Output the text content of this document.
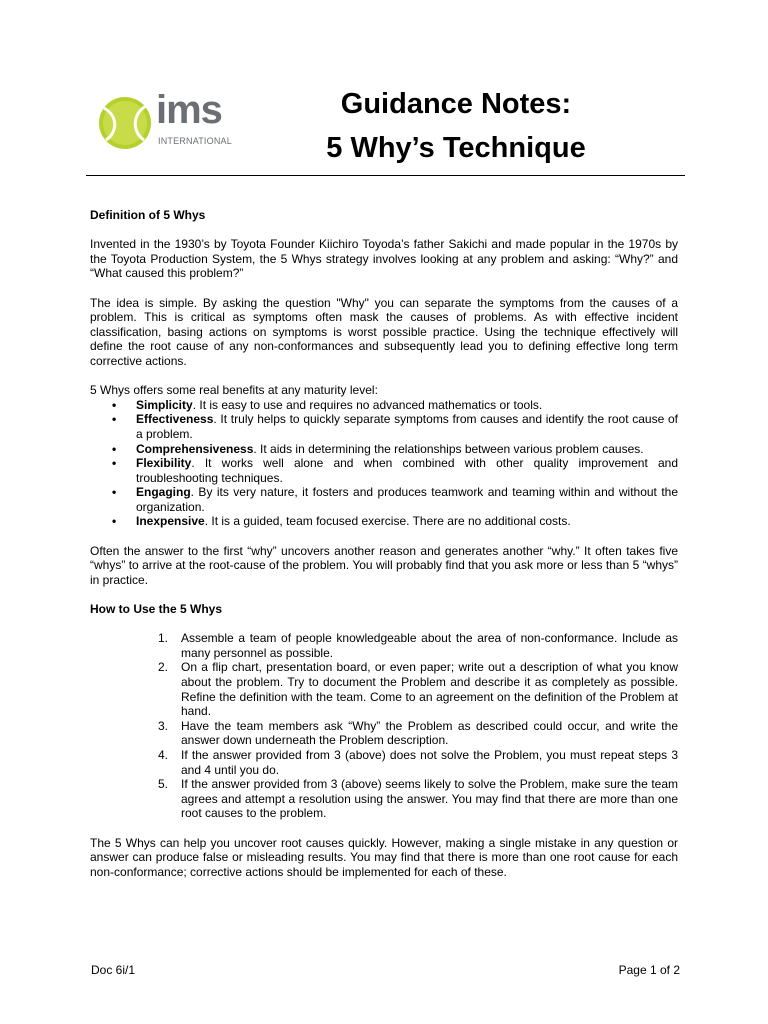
ims
INTERNATIONAL
Guidance Notes:
5 Why’s Technique

Definition of 5 Whys

Invented in the 1930’s by Toyota Founder Kiichiro Toyoda’s father Sakichi and made popular in the 1970s by the Toyota Production System, the 5 Whys strategy involves looking at any problem and asking: “Why?” and “What caused this problem?”

The idea is simple. By asking the question "Why" you can separate the symptoms from the causes of a problem. This is critical as symptoms often mask the causes of problems. As with effective incident classification, basing actions on symptoms is worst possible practice. Using the technique effectively will define the root cause of any non-conformances and subsequently lead you to defining effective long term corrective actions.

5 Whys offers some real benefits at any maturity level:

• Simplicity. It is easy to use and requires no advanced mathematics or tools.
• Effectiveness. It truly helps to quickly separate symptoms from causes and identify the root cause of a problem.
• Comprehensiveness. It aids in determining the relationships between various problem causes.
• Flexibility. It works well alone and when combined with other quality improvement and troubleshooting techniques.
• Engaging. By its very nature, it fosters and produces teamwork and teaming within and without the organization.
• Inexpensive. It is a guided, team focused exercise. There are no additional costs.

Often the answer to the first “why” uncovers another reason and generates another “why.” It often takes five “whys” to arrive at the root-cause of the problem. You will probably find that you ask more or less than 5 “whys” in practice.

How to Use the 5 Whys

1. Assemble a team of people knowledgeable about the area of non-conformance. Include as many personnel as possible.
2. On a flip chart, presentation board, or even paper; write out a description of what you know about the problem. Try to document the Problem and describe it as completely as possible. Refine the definition with the team. Come to an agreement on the definition of the Problem at hand.
3. Have the team members ask “Why” the Problem as described could occur, and write the answer down underneath the Problem description.
4. If the answer provided from 3 (above) does not solve the Problem, you must repeat steps 3 and 4 until you do.
5. If the answer provided from 3 (above) seems likely to solve the Problem, make sure the team agrees and attempt a resolution using the answer. You may find that there are more than one root causes to the problem.

The 5 Whys can help you uncover root causes quickly. However, making a single mistake in any question or answer can produce false or misleading results. You may find that there is more than one root cause for each non-conformance; corrective actions should be implemented for each of these.

Doc 6i/1	Page 1 of 2
